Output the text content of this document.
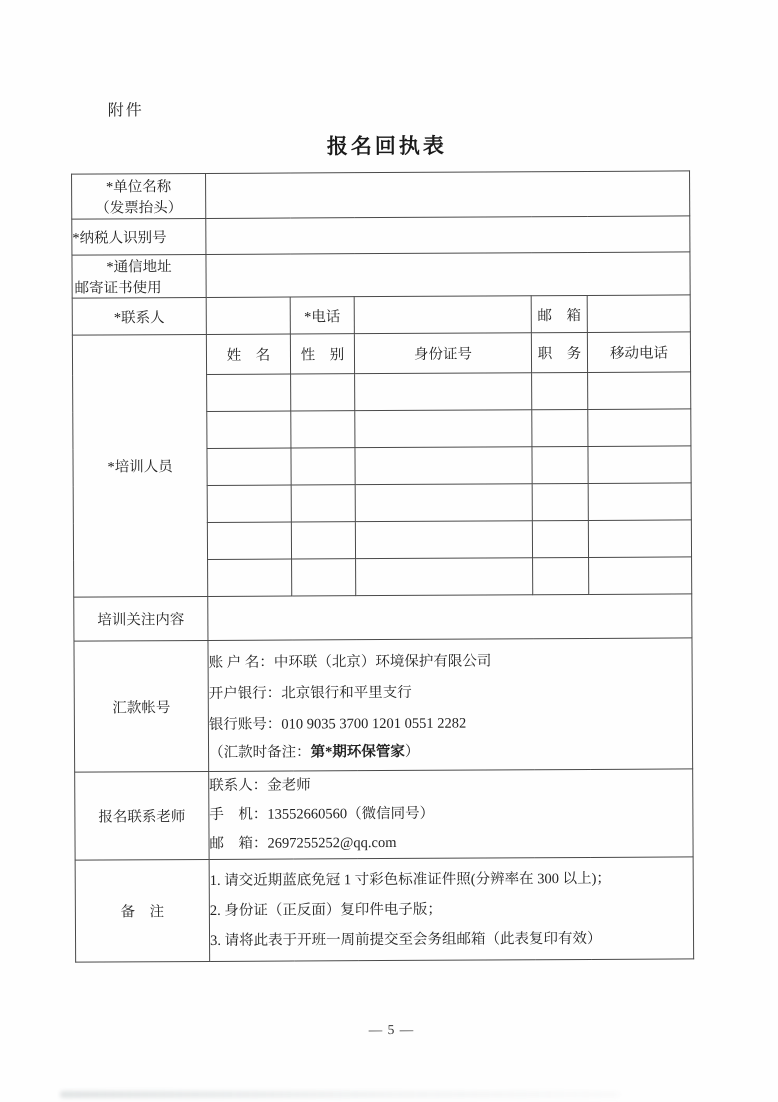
附件
报名回执表
*单位名称
（发票抬头）					

*纳税人识别号					

*通信地址
邮寄证书使用					

*联系人		*电话		邮　箱	
*培训人员	姓　名	性　别	身份证号	职　务	移动电话

培训关注内容					
汇款帐号	账 户 名：中环联（北京）环境保护有限公司
开户银行：北京银行和平里支行
银行账号：010 9035 3700 1201 0551 2282
（汇款时备注：第*期环保管家）				

报名联系老师	联系人：金老师
手　机：13552660560（微信同号）
邮　箱：2697255252@qq.com				

备　注	1. 请交近期蓝底免冠 1 寸彩色标准证件照(分辨率在 300 以上)；
2. 身份证（正反面）复印件电子版；
3. 请将此表于开班一周前提交至会务组邮箱（此表复印有效）				
— 5 —
